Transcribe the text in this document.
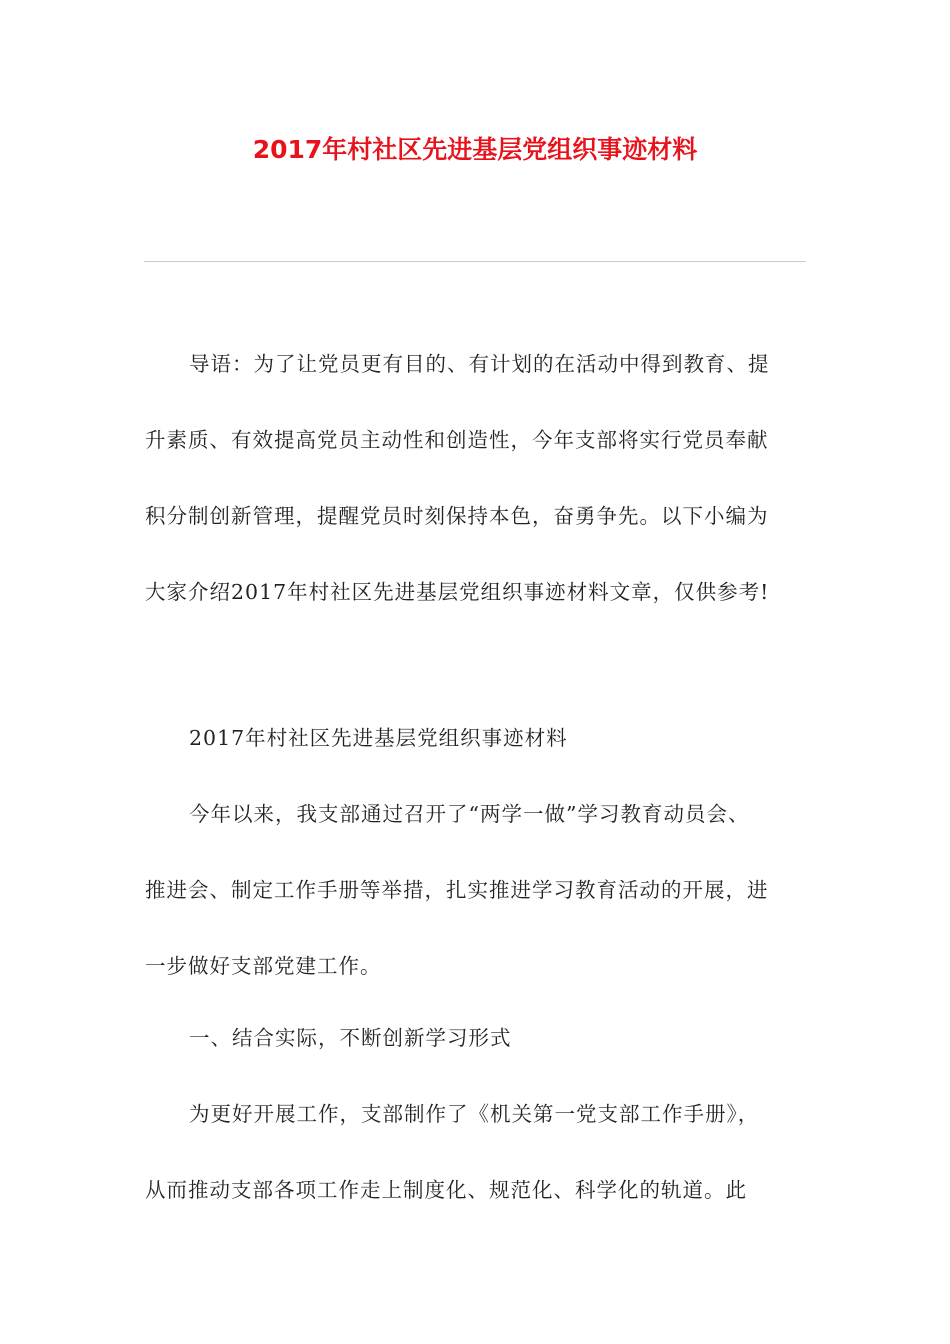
2017年村社区先进基层党组织事迹材料
导语：为了让党员更有目的、有计划的在活动中得到教育、提
升素质、有效提高党员主动性和创造性，今年支部将实行党员奉献
积分制创新管理，提醒党员时刻保持本色，奋勇争先。以下小编为
大家介绍2017年村社区先进基层党组织事迹材料文章，仅供参考!
2017年村社区先进基层党组织事迹材料
今年以来，我支部通过召开了“两学一做”学习教育动员会、
推进会、制定工作手册等举措，扎实推进学习教育活动的开展，进
一步做好支部党建工作。
一、结合实际，不断创新学习形式
为更好开展工作，支部制作了《机关第一党支部工作手册》，
从而推动支部各项工作走上制度化、规范化、科学化的轨道。此
